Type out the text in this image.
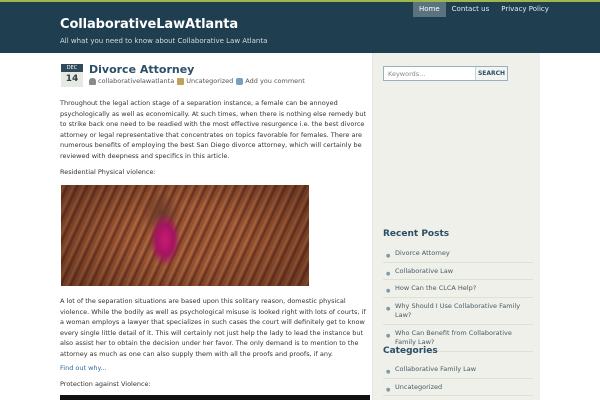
CollaborativeLawAtlanta
All what you need to know about Collaborative Law Atlanta
Home	Contact us	Privacy Policy
DEC
14
Divorce Attorney
collaborativelawatlanta Uncategorized Add you comment
Throughout the legal action stage of a separation instance, a female can be annoyed psychologically as well as economically. At such times, when there is nothing else remedy but to strike back one need to be readied with the most effective resurgence i.e. the best divorce attorney or legal representative that concentrates on topics favorable for females. There are numerous benefits of employing the best San Diego divorce attorney, which will certainly be reviewed with deepness and specifics in this article.
Residential Physical violence:
A lot of the separation situations are based upon this solitary reason, domestic physical violence. While the bodily as well as psychological misuse is looked right with lots of courts, if a woman employs a lawyer that specializes in such cases the court will definitely get to know every single little detail of it. This will certainly not just help the lady to lead the instance but also assist her to obtain the decision under her favor. The only demand is to mention to the attorney as much as one can also supply them with all the proofs and proofs, if any.
Find out why...
Protection against Violence:
Keywords...
SEARCH
Recent Posts
● Divorce Attorney
● Collaborative Law
● How Can the CLCA Help?
● Why Should I Use Collaborative Family Law?
● Who Can Benefit from Collaborative Family Law?
Categories
● Collaborative Family Law
● Uncategorized
